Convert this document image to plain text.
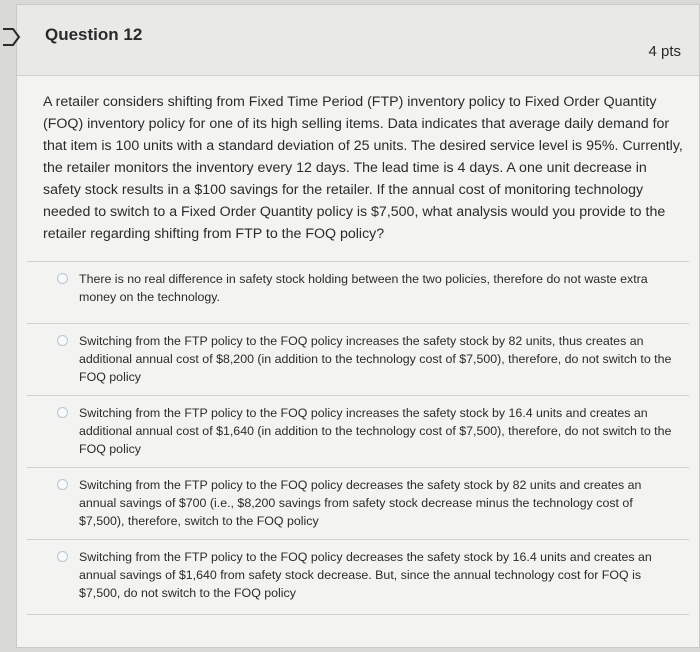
Question 12
4 pts
A retailer considers shifting from Fixed Time Period (FTP) inventory policy to Fixed Order Quantity (FOQ) inventory policy for one of its high selling items. Data indicates that average daily demand for that item is 100 units with a standard deviation of 25 units. The desired service level is 95%. Currently, the retailer monitors the inventory every 12 days. The lead time is 4 days. A one unit decrease in safety stock results in a $100 savings for the retailer. If the annual cost of monitoring technology needed to switch to a Fixed Order Quantity policy is $7,500, what analysis would you provide to the retailer regarding shifting from FTP to the FOQ policy?
There is no real difference in safety stock holding between the two policies, therefore do not waste extra money on the technology.
Switching from the FTP policy to the FOQ policy increases the safety stock by 82 units, thus creates an additional annual cost of $8,200 (in addition to the technology cost of $7,500), therefore, do not switch to the FOQ policy
Switching from the FTP policy to the FOQ policy increases the safety stock by 16.4 units and creates an additional annual cost of $1,640 (in addition to the technology cost of $7,500), therefore, do not switch to the FOQ policy
Switching from the FTP policy to the FOQ policy decreases the safety stock by 82 units and creates an annual savings of $700 (i.e., $8,200 savings from safety stock decrease minus the technology cost of $7,500), therefore, switch to the FOQ policy
Switching from the FTP policy to the FOQ policy decreases the safety stock by 16.4 units and creates an annual savings of $1,640 from safety stock decrease. But, since the annual technology cost for FOQ is $7,500, do not switch to the FOQ policy
